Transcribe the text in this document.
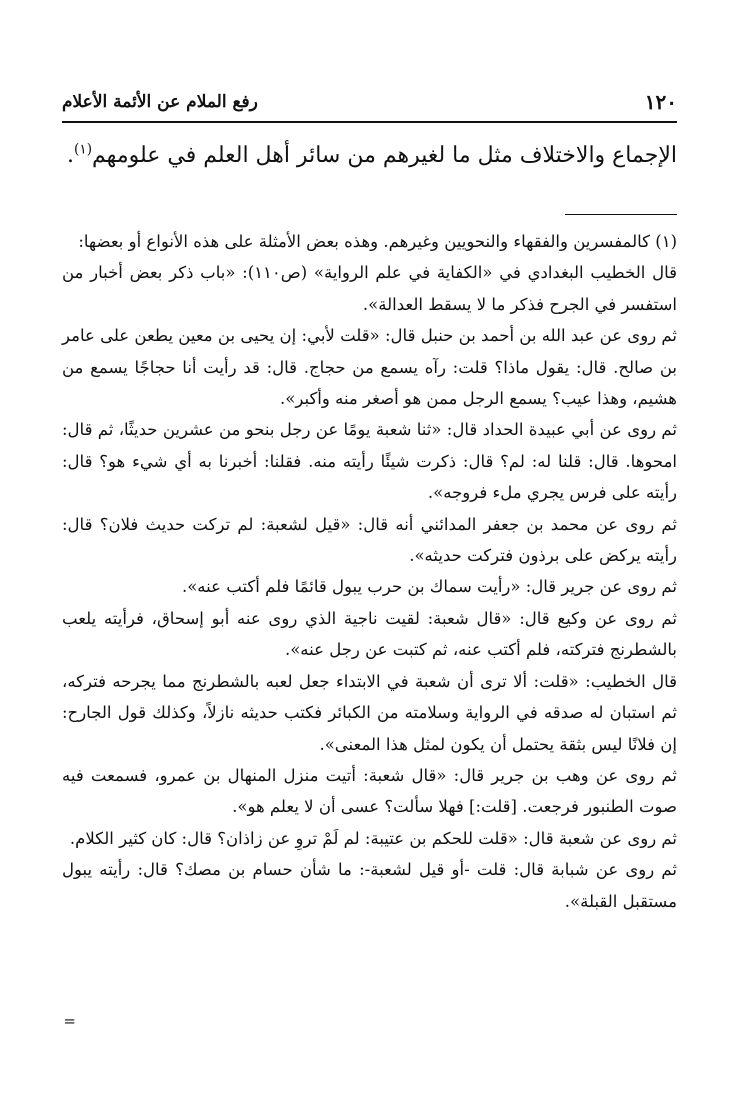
١٢٠
رفع الملام عن الأئمة الأعلام
الإجماع والاختلاف مثل ما لغيرهم من سائر أهل العلم في علومهم$^{(١)}$.

(١) كالمفسرين والفقهاء والنحويين وغيرهم. وهذه بعض الأمثلة على هذه الأنواع أو بعضها:

قال الخطيب البغدادي في «الكفاية في علم الرواية» (ص١١٠): «باب ذكر بعض أخبار من استفسر في الجرح فذكر ما لا يسقط العدالة».

ثم روى عن عبد الله بن أحمد بن حنبل قال: «قلت لأبي: إن يحيى بن معين يطعن على عامر بن صالح. قال: يقول ماذا؟ قلت: رآه يسمع من حجاج. قال: قد رأيت أنا حجاجًا يسمع من هشيم، وهذا عيب؟ يسمع الرجل ممن هو أصغر منه وأكبر».

ثم روى عن أبي عبيدة الحداد قال: «ثنا شعبة يومًا عن رجل بنحو من عشرين حديثًا، ثم قال: امحوها. قال: قلنا له: لم؟ قال: ذكرت شيئًا رأيته منه. فقلنا: أخبرنا به أي شيء هو؟ قال: رأيته على فرس يجري ملء فروجه».

ثم روى عن محمد بن جعفر المدائني أنه قال: «قيل لشعبة: لم تركت حديث فلان؟ قال: رأيته يركض على برذون فتركت حديثه».

ثم روى عن جرير قال: «رأيت سماك بن حرب يبول قائمًا فلم أكتب عنه».

ثم روى عن وكيع قال: «قال شعبة: لقيت ناجية الذي روى عنه أبو إسحاق، فرأيته يلعب بالشطرنج فتركته، فلم أكتب عنه، ثم كتبت عن رجل عنه».

قال الخطيب: «قلت: ألا ترى أن شعبة في الابتداء جعل لعبه بالشطرنج مما يجرحه فتركه، ثم استبان له صدقه في الرواية وسلامته من الكبائر فكتب حديثه نازلاً، وكذلك قول الجارح: إن فلانًا ليس بثقة يحتمل أن يكون لمثل هذا المعنى».

ثم روى عن وهب بن جرير قال: «قال شعبة: أتيت منزل المنهال بن عمرو، فسمعت فيه صوت الطنبور فرجعت. [قلت:] فهلا سألت؟ عسى أن لا يعلم هو».

ثم روى عن شعبة قال: «قلت للحكم بن عتيبة: لم لَمْ تروِ عن زاذان؟ قال: كان كثير الكلام.

ثم روى عن شبابة قال: قلت -أو قيل لشعبة-: ما شأن حسام بن مصك؟ قال: رأيته يبول مستقبل القبلة».

=
